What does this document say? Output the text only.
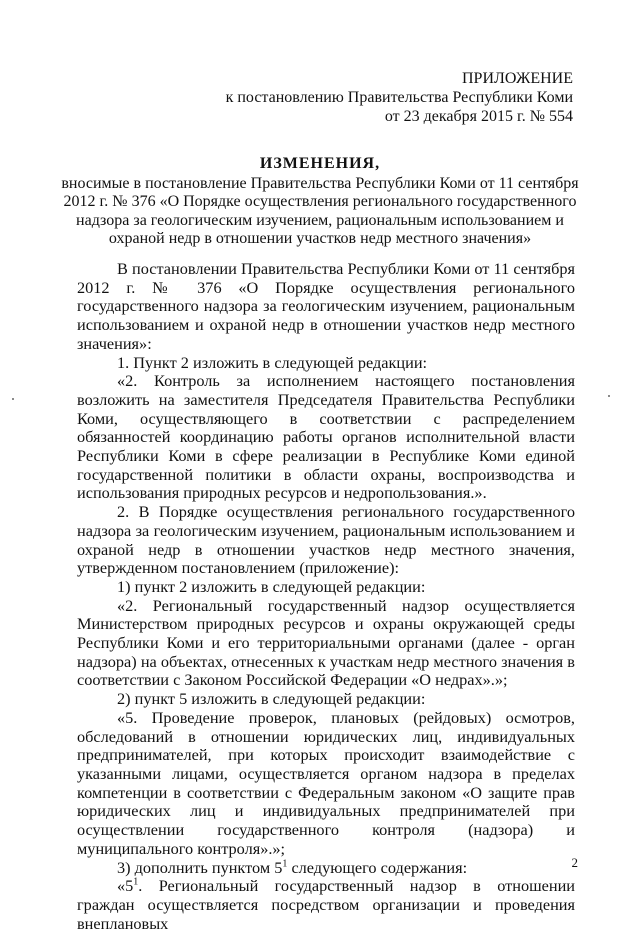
ПРИЛОЖЕНИЕ
к постановлению Правительства Республики Коми
от 23 декабря 2015 г. № 554
ИЗМЕНЕНИЯ,
вносимые в постановление Правительства Республики Коми от 11 сентября 2012 г. № 376 «О Порядке осуществления регионального государственного надзора за геологическим изучением, рациональным использованием и охраной недр в отношении участков недр местного значения»

В постановлении Правительства Республики Коми от 11 сентября 2012 г. № 376 «О Порядке осуществления регионального государственного надзора за геологическим изучением, рациональным использованием и охраной недр в отношении участков недр местного значения»:

1. Пункт 2 изложить в следующей редакции:

«2. Контроль за исполнением настоящего постановления возложить на заместителя Председателя Правительства Республики Коми, осуществляющего в соответствии с распределением обязанностей координацию работы органов исполнительной власти Республики Коми в сфере реализации в Республике Коми единой государственной политики в области охраны, воспроизводства и использования природных ресурсов и недропользования.».

2. В Порядке осуществления регионального государственного надзора за геологическим изучением, рациональным использованием и охраной недр в отношении участков недр местного значения, утвержденном постановлением (приложение):

1) пункт 2 изложить в следующей редакции:

«2. Региональный государственный надзор осуществляется Министерством природных ресурсов и охраны окружающей среды Республики Коми и его территориальными органами (далее - орган надзора) на объектах, отнесенных к участкам недр местного значения в соответствии с Законом Российской Федерации «О недрах».»;

2) пункт 5 изложить в следующей редакции:

«5. Проведение проверок, плановых (рейдовых) осмотров, обследований в отношении юридических лиц, индивидуальных предпринимателей, при которых происходит взаимодействие с указанными лицами, осуществляется органом надзора в пределах компетенции в соответствии с Федеральным законом «О защите прав юридических лиц и индивидуальных предпринимателей при осуществлении государственного контроля (надзора) и муниципального контроля».»;

3) дополнить пунктом $5^1$ следующего содержания:

«$5^1$. Региональный государственный надзор в отношении граждан осуществляется посредством организации и проведения внеплановых

2
